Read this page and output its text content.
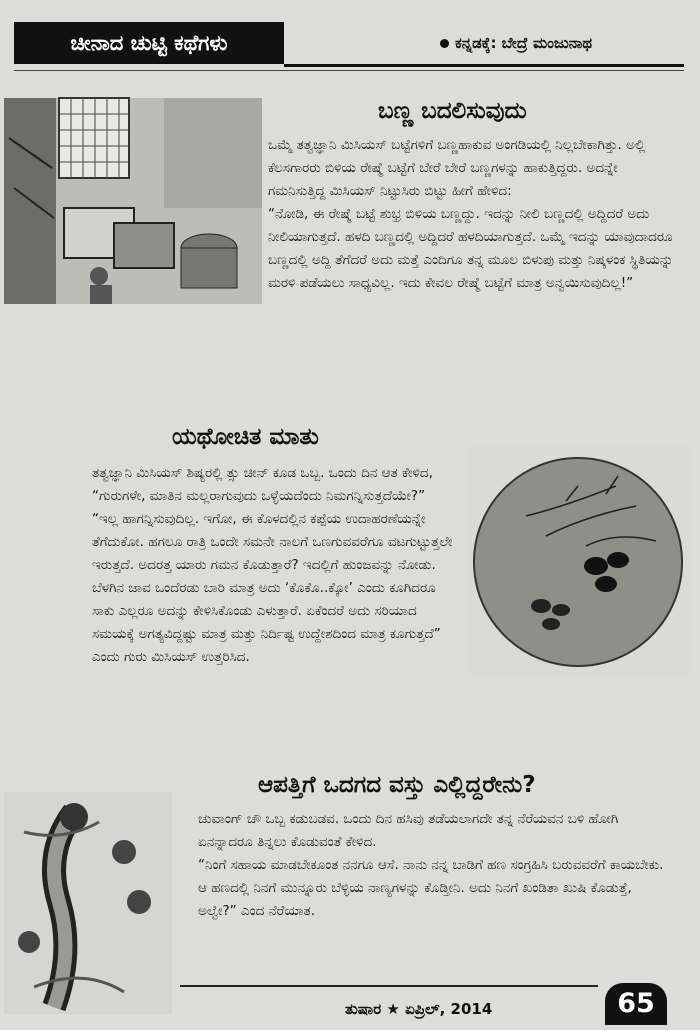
ಚೀನಾದ ಚುಟ್ಟಿ ಕಥೆಗಳು	ಕನ್ನಡಕ್ಕೆ: ಬೇದ್ರೆ ಮಂಜುನಾಥ
ಬಣ್ಣ ಬದಲಿಸುವುದು

ಒಮ್ಮೆ ತತ್ವಜ್ಞಾನಿ ಮಿಸಿಯಸ್ ಬಟ್ಟೆಗಳಿಗೆ ಬಣ್ಣಹಾಕುವ ಅಂಗಡಿಯಲ್ಲಿ ನಿಲ್ಲಬೇಕಾಗಿತ್ತು. ಅಲ್ಲಿ ಕೆಲಸಗಾರರು ಬಿಳಿಯ ರೇಷ್ಮೆ ಬಟ್ಟೆಗೆ ಬೇರೆ ಬೇರೆ ಬಣ್ಣಗಳನ್ನು ಹಾಕುತ್ತಿದ್ದರು. ಅದನ್ನೇ ಗಮನಿಸುತ್ತಿದ್ದ ಮಿಸಿಯಸ್ ನಿಟ್ಟುಸಿರು ಬಿಟ್ಟು ಹೀಗೆ ಹೇಳಿದ:
“ನೋಡಿ, ಈ ರೇಷ್ಮೆ ಬಟ್ಟೆ ಶುಭ್ರ ಬಿಳಿಯ ಬಣ್ಣದ್ದು. ಇದನ್ನು ನೀಲಿ ಬಣ್ಣದಲ್ಲಿ ಅದ್ದಿದರೆ ಅದು ನೀಲಿಯಾಗುತ್ತದೆ. ಹಳದಿ ಬಣ್ಣದಲ್ಲಿ ಅದ್ದಿದರೆ ಹಳದಿಯಾಗುತ್ತದೆ. ಒಮ್ಮೆ ಇದನ್ನು ಯಾವುದಾದರೂ ಬಣ್ಣದಲ್ಲಿ ಅದ್ದಿ ತೆಗೆದರೆ ಅದು ಮತ್ತೆ ಎಂದಿಗೂ ತನ್ನ ಮೂಲ ಬಿಳುಪು ಮತ್ತು ನಿಷ್ಕಳಂಕ ಸ್ಥಿತಿಯನ್ನು ಮರಳಿ ಪಡೆಯಲು ಸಾಧ್ಯವಿಲ್ಲ. ಇದು ಕೇವಲ ರೇಷ್ಮೆ ಬಟ್ಟೆಗೆ ಮಾತ್ರ ಅನ್ವಯಿಸುವುದಿಲ್ಲ!”

ಯಥೋಚಿತ ಮಾತು

ತತ್ವಜ್ಞಾನಿ ಮಿಸಿಯಸ್ ಶಿಷ್ಯರಲ್ಲಿ ತ್ಸು ಚೀನ್ ಕೂಡ ಒಬ್ಬ. ಒಂದು ದಿನ ಆತ ಕೇಳಿದ, “ಗುರುಗಳೇ, ಮಾತಿನ ಮಲ್ಲರಾಗುವುದು ಒಳ್ಳೆಯದೆಂದು ನಿಮಗನ್ನಿಸುತ್ತದೆಯೇ?”
“ಇಲ್ಲ ಹಾಗನ್ನಿಸುವುದಿಲ್ಲ. ಇಗೋ, ಈ ಕೊಳದಲ್ಲಿನ ಕಪ್ಪೆಯ ಉದಾಹರಣೆಯನ್ನೇ ತೆಗೆದುಕೋ. ಹಗಲೂ ರಾತ್ರಿ ಒಂದೇ ಸಮನೇ ನಾಲಗೆ ಒಣಗುವವರೆಗೂ ವಟಗುಟ್ಟುತ್ತಲೇ ಇರುತ್ತದೆ. ಅದರತ್ತ ಯಾರು ಗಮನ ಕೊಡುತ್ತಾರೆ? ಇದಲ್ಲಿಗೆ ಹುಂಜವನ್ನು ನೋಡು. ಬೆಳಗಿನ ಜಾವ ಒಂದೆರಡು ಬಾರಿ ಮಾತ್ರ ಅದು ‘ಕೊಕೊ..ಕ್ಕೋ’ ಎಂದು ಕೂಗಿದರೂ ಸಾಕು ಎಲ್ಲರೂ ಅದನ್ನು ಕೇಳಿಸಿಕೊಂಡು ಎಳುತ್ತಾರೆ. ಏಕೆಂದರೆ ಅದು ಸರಿಯಾದ ಸಮಯಕ್ಕೆ ಅಗತ್ಯವಿದ್ದಷ್ಟು ಮಾತ್ರ ಮತ್ತು ನಿರ್ದಿಷ್ಟ ಉದ್ದೇಶದಿಂದ ಮಾತ್ರ ಕೂಗುತ್ತದೆ” ಎಂದು ಗುರು ಮಿಸಿಯಸ್ ಉತ್ತರಿಸಿದ.

ಆಪತ್ತಿಗೆ ಒದಗದ ವಸ್ತು ಎಲ್ಲಿದ್ದರೇನು?

ಚುವಾಂಗ್ ಚೌ ಒಬ್ಬ ಕಡುಬಡವ. ಒಂದು ದಿನ ಹಸಿವು ತಡೆಯಲಾಗದೇ ತನ್ನ ನೆರೆಯವನ ಬಳಿ ಹೋಗಿ ಏನನ್ನಾದರೂ ತಿನ್ನಲು ಕೊಡುವಂತೆ ಕೇಳಿದ.
“ನಿಂಗೆ ಸಹಾಯ ಮಾಡಬೇಕೂಂತ ನನಗೂ ಆಸೆ. ನಾನು ನನ್ನ ಬಾಡಿಗೆ ಹಣ ಸಂಗ್ರಹಿಸಿ ಬರುವವರೆಗೆ ಕಾಯಬೇಕು. ಆ ಹಣದಲ್ಲಿ ನಿನಗೆ ಮುನ್ನೂರು ಬೆಳ್ಳಿಯ ನಾಣ್ಯಗಳನ್ನು ಕೊಡ್ತೀನಿ. ಅದು ನಿನಗೆ ಖಂಡಿತಾ ಖುಷಿ ಕೊಡುತ್ತೆ, ಅಲ್ವೇ?” ಎಂದ ನೆರೆಯಾತ.

ತುಷಾರ ★ ಏಪ್ರಿಲ್, 2014	65
